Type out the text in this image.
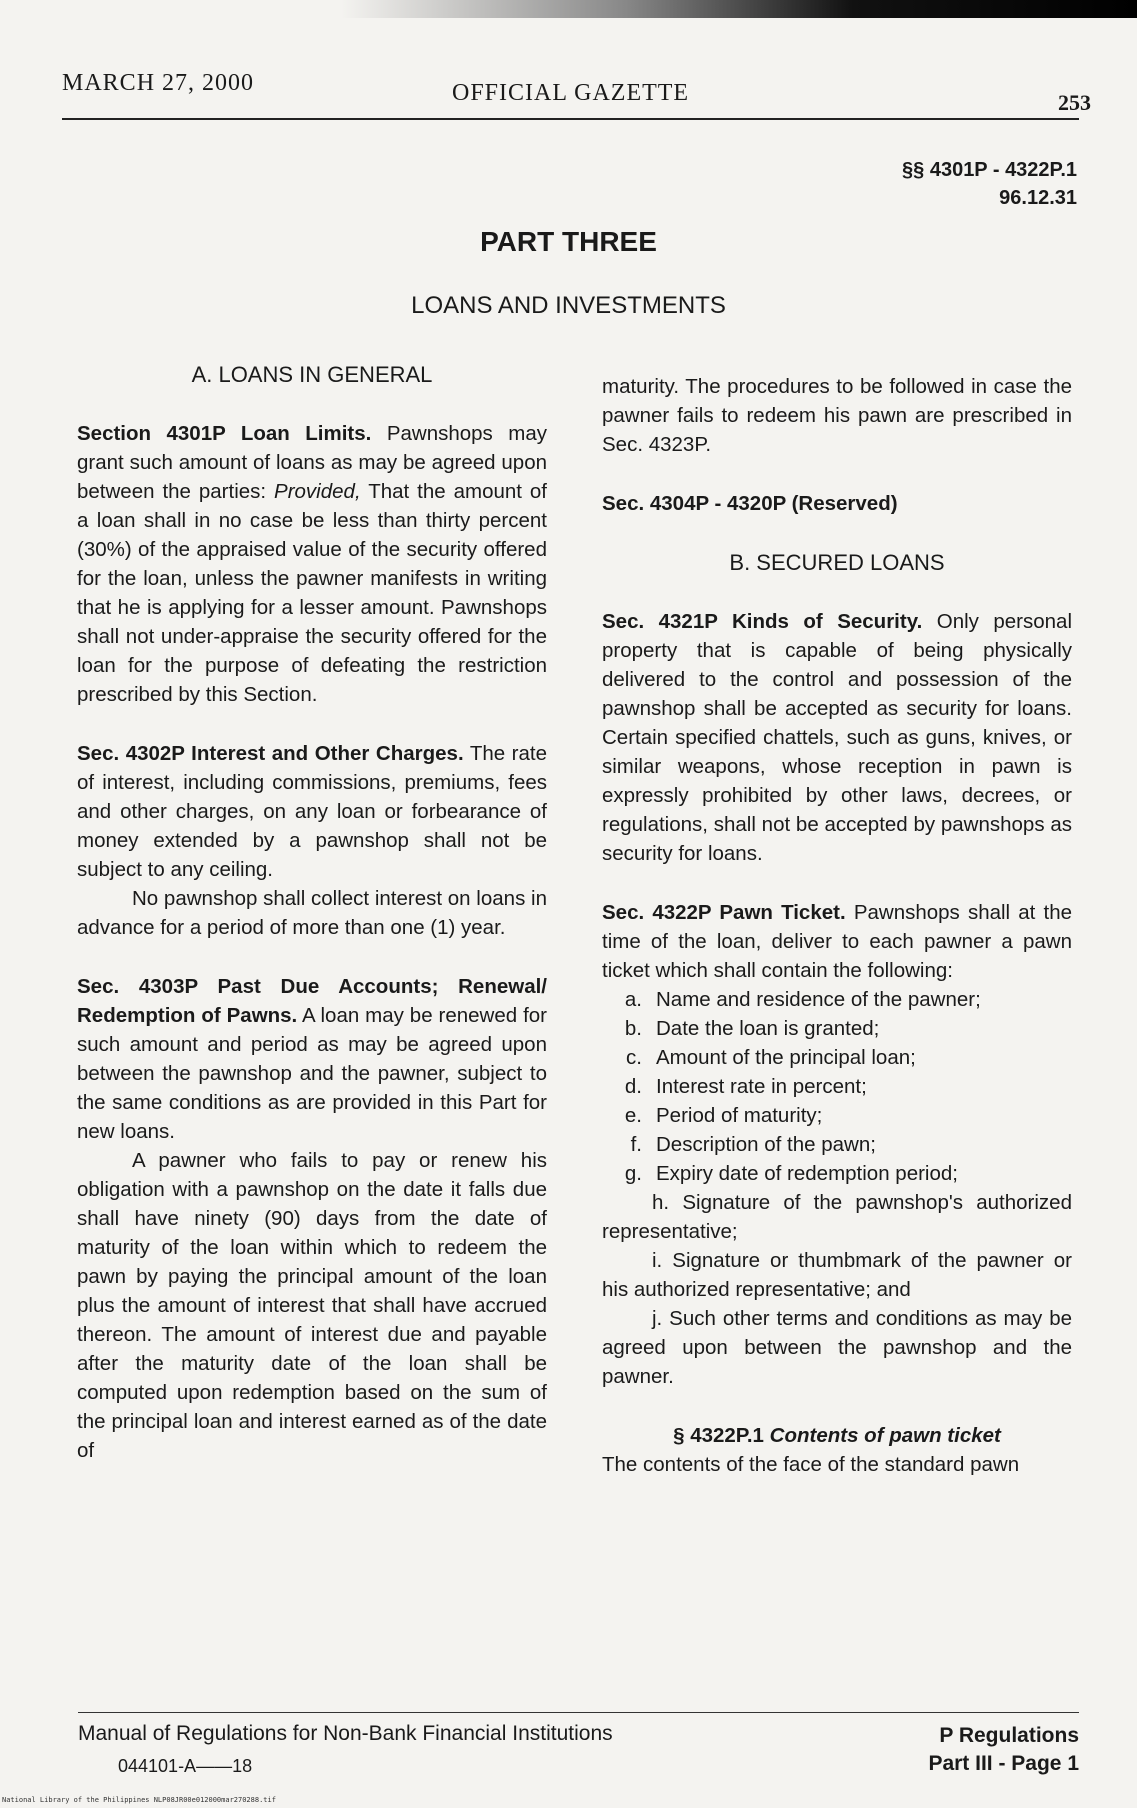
MARCH 27, 2000	OFFICIAL GAZETTE	253
§§ 4301P - 4322P.1
96.12.31
PART THREE
LOANS AND INVESTMENTS

A. LOANS IN GENERAL

Section 4301P Loan Limits. Pawnshops may grant such amount of loans as may be agreed upon between the parties: Provided, That the amount of a loan shall in no case be less than thirty percent (30%) of the appraised value of the security offered for the loan, unless the pawner manifests in writing that he is applying for a lesser amount. Pawnshops shall not under-appraise the security offered for the loan for the purpose of defeating the restriction prescribed by this Section.

Sec. 4302P Interest and Other Charges. The rate of interest, including commissions, premiums, fees and other charges, on any loan or forbearance of money extended by a pawnshop shall not be subject to any ceiling.

No pawnshop shall collect interest on loans in advance for a period of more than one (1) year.

Sec. 4303P Past Due Accounts; Renewal/ Redemption of Pawns. A loan may be renewed for such amount and period as may be agreed upon between the pawnshop and the pawner, subject to the same conditions as are provided in this Part for new loans.

A pawner who fails to pay or renew his obligation with a pawnshop on the date it falls due shall have ninety (90) days from the date of maturity of the loan within which to redeem the pawn by paying the principal amount of the loan plus the amount of interest that shall have accrued thereon. The amount of interest due and payable after the maturity date of the loan shall be computed upon redemption based on the sum of the principal loan and interest earned as of the date of

maturity. The procedures to be followed in case the pawner fails to redeem his pawn are prescribed in Sec. 4323P.

Sec. 4304P - 4320P (Reserved)

B. SECURED LOANS

Sec. 4321P Kinds of Security. Only personal property that is capable of being physically delivered to the control and possession of the pawnshop shall be accepted as security for loans. Certain specified chattels, such as guns, knives, or similar weapons, whose reception in pawn is expressly prohibited by other laws, decrees, or regulations, shall not be accepted by pawnshops as security for loans.

Sec. 4322P Pawn Ticket. Pawnshops shall at the time of the loan, deliver to each pawner a pawn ticket which shall contain the following:

a. Name and residence of the pawner;
b. Date the loan is granted;
c. Amount of the principal loan;
d. Interest rate in percent;
e. Period of maturity;
f. Description of the pawn;
g. Expiry date of redemption period;

h. Signature of the pawnshop's authorized representative;

i. Signature or thumbmark of the pawner or his authorized representative; and

j. Such other terms and conditions as may be agreed upon between the pawnshop and the pawner.

§ 4322P.1 Contents of pawn ticket

The contents of the face of the standard pawn

Manual of Regulations for Non-Bank Financial Institutions
044101-A——18
P Regulations
Part III - Page 1
National Library of the Philippines NLP08JR00e012000mar270288.tif
